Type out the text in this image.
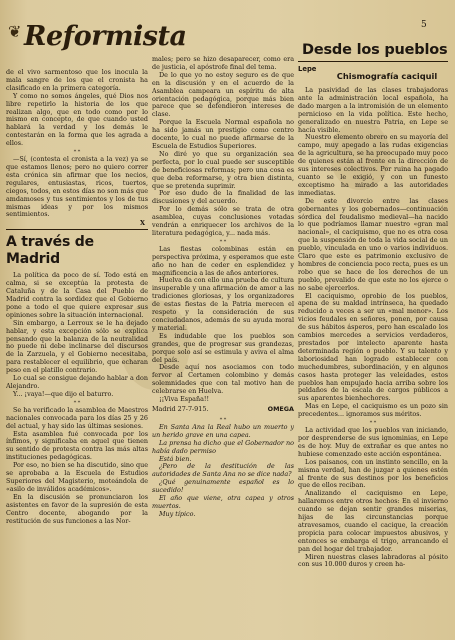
❦ Reformista	5

de el vivo sarmentoso que los inocula la mala sangre de los que el cronista ha clasificado en la primera categoría.

Y como no somos ángeles, qué Dios nos libre repetirlo la historia de los que realizan algo, que en todo como por lo mismo en concepto, de que cuando usted hablará la verdad y los demás le contestarán en la forma que les agrada a ellos.

* *

—Sí, (contesta el cronista a la vez) ya se que estamos llenos; pero no quiero correr esta crónica sin afirmar que los necios, regulares, entusiastas, ricos, tuertos, ciegos, todos, en estos días no son más que amdamoses y tus sentimientos y los de tus mismas ideas y por los mismos sentimientos.

X
A través de Madrid

La política da poco de sí. Todo está en calma, si se exceptúa la protesta de Cataluña y de la Casa del Pueblo de Madrid contra la sordidez que el Gobierno pone a todo el que quiere expresar sus opiniones sobre la situación internacional.

Sin embargo, a Lerroux se le ha dejado hablar, y esta excepción sólo se explica pensando que la balanza de la neutralidad no puede ni debe inclinarse del discursos de la Zarzuela, y el Gobierno necesitaba, para restablecer el equilibrio, que echaran peso en el platillo contrario.

Lo cual se consigue dejando hablar a don Alejandro.

Y... ¡vaya!—que dijo el baturro.

* *

Se ha verificado la asamblea de Maestros nacionales convocada para los días 25 y 26 del actual, y hay sido las últimas sesiones.

Esta asamblea fué convocada por los ínfimos, y significaba en aquel que tienen su sentido de protesta contra las más altas instituciones pedagógicas.

Por eso, no bien se ha discutido, sino que se aprobaba a la Escuela de Estudios Superiores del Magisterio, moteándola de «asilo de inválidos académicos».

En la discusión se pronunciaron los asistentes en favor de la supresión de esta Centro docente, abogando por la restitución de sus funciones a las Nor-

males; pero se hizo desaparecer, como era de justicia, el apóstrofe final del tema.

De lo que yo no estoy seguro es de que en la discusión y en el acuerdo de la Asamblea campeara un espíritu de alta orientación pedagógica, porque más bien parece que se defendieron intereses de clase.

Porque la Escuela Normal española no ha sido jamás un prestigio como centro docente, lo cual no puede afirmarse de la Escuela de Estudios Superiores.

No diré yo que su organización sea perfecta, por lo cual puede ser susceptible de beneficiosas reformas; pero una cosa es que deba reformarse, y otra bien distinta, que se pretenda suprimir.

Por eso dudo de la finalidad de las discusiones y del acuerdo.

Por lo demás sólo se trata de otra asamblea, cuyas conclusiones votadas vendrán a enriquecer los archivos de la literatura pedagógica, y... nada más.

* *

Las fiestas colombinas están en perspectiva próxima, y esperamos que este año no han de ceder en esplendidez y magnificencia a las de años anteriores.

Huelva da con ello una prueba de cultura insuperable y una afirmación de amor a las tradiciones gloriosas, y los organizadores de estas fiestas de la Patria merecen el respeto y la consideración de sus conciudadanos, además de su ayuda moral y material.

Es indudable que los pueblos son grandes, que de progresar sus grandezas, porque solo así se estimula y aviva el alma del país.

Desde aquí nos asociamos con todo fervor al Certamen colombino y demás solemnidades que con tal motivo han de celebrarse en Huelva.

¡¡Viva España!!

OMEGA
Madrid 27-7-915.

* *

En Santa Ana la Real hubo un muerto y un herido grave en una capea.

La prensa ha dicho que el Gobernador no había dado permiso

Está bien.

¿Pero de la destitución de las autoridades de Santa Ana no se dice nada?

¿Qué genuinamente español es lo sucedido!

El año que viene, otra capea y otros muertos.

Muy típico.

Desde los pueblos
Lepe
Chismografía caciquil

La pasividad de las clases trabajadoras ante la administración local española, ha dado margen a la intromisión de un elemento pernicioso en la vida política. Este hecho, generalizado en nuestra Patria, en Lepe se hacía visible.

Nuestro elemento obrero en su mayoría del campo, muy apegado a las rudas exigencias de la agricultura, se ha preocupado muy poco de quienes están al frente en la dirección de sus intereses colectivos. Por ruina ha pagado cuanto se le exigió, y con un funesto exceptismo ha mirado a las autoridades inmediatas.

De este divorcio entre las clases gobernantes y los gobernados—continuación sórdica del feudalismo medieval—ha nacido lo que podríamos llamar nuestro «gran mal nacional», el caciquismo, que no es otra cosa que la suspensión de toda la vida social de un pueblo, vinculada en uno o varios individuos. Claro que este es patrimonio exclusivo de hombres de conciencia poco recta, pues es un robo que se hace de los derechos de un pueblo, prevalido de que este no los ejerce o no sabe ejercerlos.

El caciquismo, oprobio de los pueblos, apena de su maldad intrínseca, ha quedado reducido a veces a ser un «mal menor». Los vicios feudales en señores, ponen, por causa de sus hábitos ásperos, pero han escalado los cambios mercedes a servicios verdaderos, prestados por intelecto aparente hasta determinada región o pueblo. Y su talento y laboriosidad han logrado establecer con muchedumbres, subordinación, y en algunos casos hasta proteger las veleidades, estos pueblos han empujado hacia arriba sobre los peldaños de la escala de cargos públicos a sus aparentes bienhechores.

Mas en Lepe, el caciquismo es un pozo sin precedentes... ignoramos sus méritos.

* *

La actividad que los pueblos van iniciando, por desprenderse de sus ignominias, en Lepe es de hoy. Muy de extrañar es que antes no hubiese comenzado este acción espontánea.

Los paisanos, con un instinto sencillo, en la misma verdad, han de juzgar a quienes estén al frente de sus destinos por los beneficios que de ellos reciban.

Analizando el caciquismo en Lepe, hallaremos entre otros hechos: En el invierno cuando se dejan sentir grandes miserias, hijas de las circunstancias porque atravesamos, cuando el cacique, la creación propicia para colocar impuestos abusivos, y entonces se embarga el trigo, arrancando el pan del hogar del trabajador.

Miren nuestras clases labradoras al pósito con sus 10.000 duros y creen ha-
